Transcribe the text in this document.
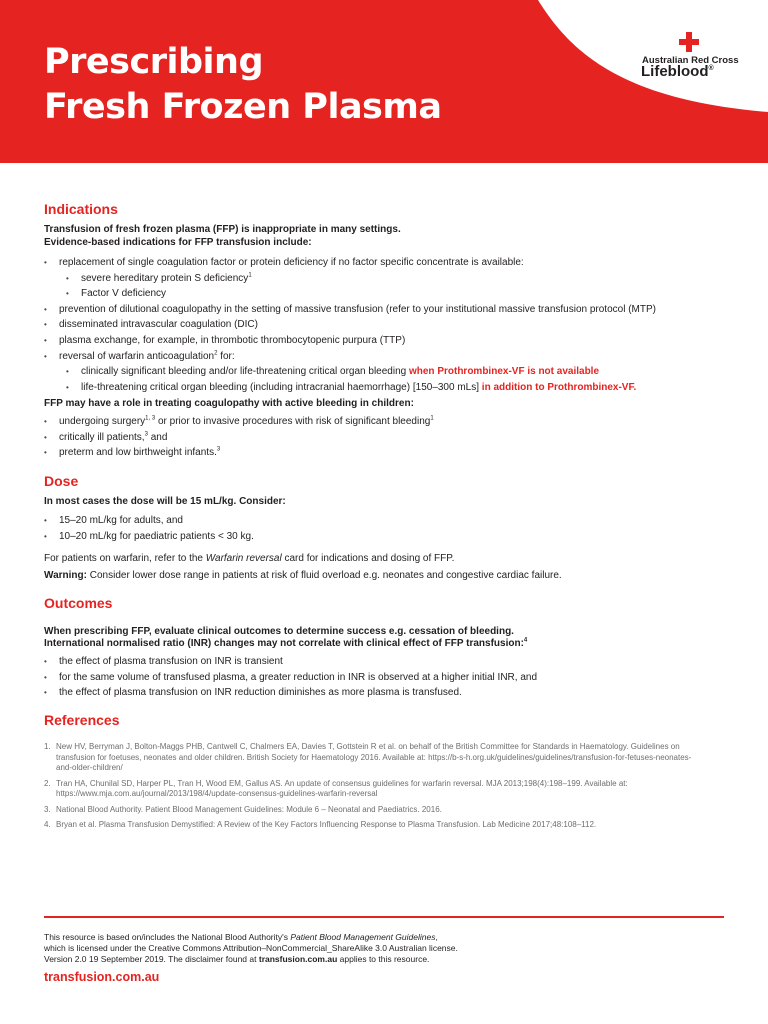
Prescribing
Fresh Frozen Plasma
Australian Red Cross
Lifeblood®
Indications

Transfusion of fresh frozen plasma (FFP) is inappropriate in many settings.

Evidence-based indications for FFP transfusion include:

• replacement of single coagulation factor or protein deficiency if no factor specific concentrate is available:
• severe hereditary protein S deficiency$^1$
• Factor V deficiency
• prevention of dilutional coagulopathy in the setting of massive transfusion (refer to your institutional massive transfusion protocol (MTP)
• disseminated intravascular coagulation (DIC)
• plasma exchange, for example, in thrombotic thrombocytopenic purpura (TTP)
• reversal of warfarin anticoagulation$^2$ for:
• clinically significant bleeding and/or life-threatening critical organ bleeding when Prothrombinex-VF is not available
• life-threatening critical organ bleeding (including intracranial haemorrhage) [150–300 mLs] in addition to Prothrombinex-VF.

FFP may have a role in treating coagulopathy with active bleeding in children:

• undergoing surgery$^{1, 3}$ or prior to invasive procedures with risk of significant bleeding$^1$
• critically ill patients,$^3$ and
• preterm and low birthweight infants.$^3$
Dose

In most cases the dose will be 15 mL/kg. Consider:

• 15–20 mL/kg for adults, and
• 10–20 mL/kg for paediatric patients < 30 kg.

For patients on warfarin, refer to the Warfarin reversal card for indications and dosing of FFP.

Warning: Consider lower dose range in patients at risk of fluid overload e.g. neonates and congestive cardiac failure.

Outcomes

When prescribing FFP, evaluate clinical outcomes to determine success e.g. cessation of bleeding.

International normalised ratio (INR) changes may not correlate with clinical effect of FFP transfusion:$^4$

• the effect of plasma transfusion on INR is transient
• for the same volume of transfused plasma, a greater reduction in INR is observed at a higher initial INR, and
• the effect of plasma transfusion on INR reduction diminishes as more plasma is transfused.
References
1. New HV, Berryman J, Bolton-Maggs PHB, Cantwell C, Chalmers EA, Davies T, Gottstein R et al. on behalf of the British Committee for Standards in Haematology. Guidelines on transfusion for foetuses, neonates and older children. British Society for Haematology 2016. Available at: https://b-s-h.org.uk/guidelines/guidelines/transfusion-for-fetuses-neonates-and-older-children/
2. Tran HA, Chunilal SD, Harper PL, Tran H, Wood EM, Gallus AS. An update of consensus guidelines for warfarin reversal. MJA 2013;198(4):198–199. Available at: https://www.mja.com.au/journal/2013/198/4/update-consensus-guidelines-warfarin-reversal
3. National Blood Authority. Patient Blood Management Guidelines: Module 6 – Neonatal and Paediatrics. 2016.
4. Bryan et al. Plasma Transfusion Demystified: A Review of the Key Factors Influencing Response to Plasma Transfusion. Lab Medicine 2017;48:108–112.

This resource is based on/includes the National Blood Authority's Patient Blood Management Guidelines,
which is licensed under the Creative Commons Attribution–NonCommercial_ShareAlike 3.0 Australian license.
Version 2.0 19 September 2019. The disclaimer found at transfusion.com.au applies to this resource.

transfusion.com.au
